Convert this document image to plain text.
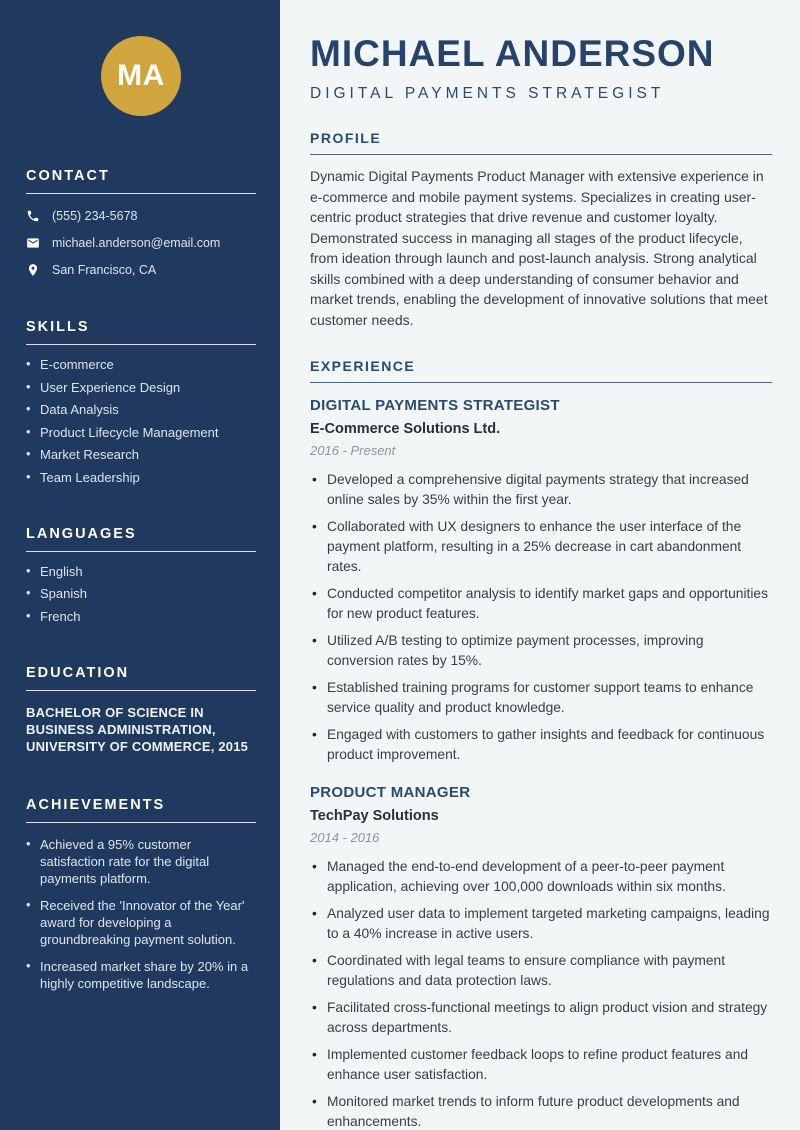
MA
CONTACT
(555) 234-5678
michael.anderson@email.com
San Francisco, CA
SKILLS
• E-commerce
• User Experience Design
• Data Analysis
• Product Lifecycle Management
• Market Research
• Team Leadership
LANGUAGES
• English
• Spanish
• French
EDUCATION

BACHELOR OF SCIENCE IN BUSINESS ADMINISTRATION, UNIVERSITY OF COMMERCE, 2015

ACHIEVEMENTS
• Achieved a 95% customer satisfaction rate for the digital payments platform.
• Received the 'Innovator of the Year' award for developing a groundbreaking payment solution.
• Increased market share by 20% in a highly competitive landscape.
MICHAEL ANDERSON
DIGITAL PAYMENTS STRATEGIST
PROFILE

Dynamic Digital Payments Product Manager with extensive experience in e-commerce and mobile payment systems. Specializes in creating user-centric product strategies that drive revenue and customer loyalty. Demonstrated success in managing all stages of the product lifecycle, from ideation through launch and post-launch analysis. Strong analytical skills combined with a deep understanding of consumer behavior and market trends, enabling the development of innovative solutions that meet customer needs.

EXPERIENCE
DIGITAL PAYMENTS STRATEGIST
E-Commerce Solutions Ltd.
2016 - Present
• Developed a comprehensive digital payments strategy that increased online sales by 35% within the first year.
• Collaborated with UX designers to enhance the user interface of the payment platform, resulting in a 25% decrease in cart abandonment rates.
• Conducted competitor analysis to identify market gaps and opportunities for new product features.
• Utilized A/B testing to optimize payment processes, improving conversion rates by 15%.
• Established training programs for customer support teams to enhance service quality and product knowledge.
• Engaged with customers to gather insights and feedback for continuous product improvement.
PRODUCT MANAGER
TechPay Solutions
2014 - 2016
• Managed the end-to-end development of a peer-to-peer payment application, achieving over 100,000 downloads within six months.
• Analyzed user data to implement targeted marketing campaigns, leading to a 40% increase in active users.
• Coordinated with legal teams to ensure compliance with payment regulations and data protection laws.
• Facilitated cross-functional meetings to align product vision and strategy across departments.
• Implemented customer feedback loops to refine product features and enhance user satisfaction.
• Monitored market trends to inform future product developments and enhancements.
